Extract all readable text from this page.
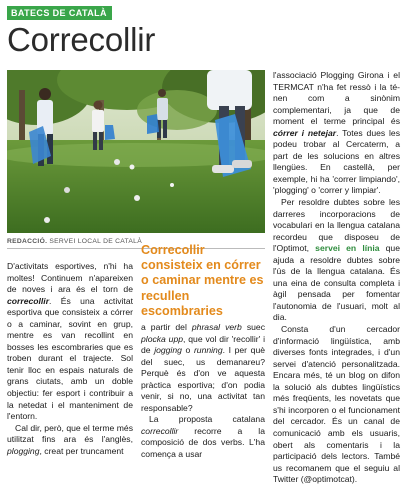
BATECS DE CATALÀ
Correcollir
REDACCIÓ. SERVEI LOCAL DE CATALÀ
Correcollir consisteix en córrer o caminar mentre es recullen escombraries

D'activitats esportives, n'hi ha moltes! Continuem n'apareixen de noves i ara és el torn de correcollir. És una activitat esportiva que consisteix a córrer o a caminar, sovint en grup, mentre es van recollint en bosses les escombraries que es troben durant el trajecte. Sol tenir lloc en espais naturals de grans ciutats, amb un doble objectiu: fer esport i contribuir a la netedat i el manteniment de l'entorn.

Cal dir, però, que el terme més utilitzat fins ara és l'anglès, plogging, creat per truncament

a partir del phrasal verb suec plocka upp, que vol dir 'recollir' i de jogging o running. I per què del suec, us demanareu? Perquè és d'on ve aquesta pràctica esportiva; d'on podia venir, si no, una activitat tan responsable?

La proposta catalana correcollir recorre a la composició de dos verbs. L'ha comença a usar

l'associació Plogging Girona i el TERMCAT n'ha fet ressò i la té-nen com a sinònim complementari, ja que de moment el terme principal és córrer i netejar. Totes dues les podeu trobar al Cercaterm, a part de les solucions en altres llengües. En castellà, per exemple, hi ha 'correr limpiando', 'plogging' o 'correr y limpiar'.

Per resoldre dubtes sobre les darreres incorporacions de vocabulari en la llengua catalana recordeu que disposeu de l'Optimot, servei en línia que ajuda a resoldre dubtes sobre l'ús de la llengua catalana. És una eina de consulta completa i àgil pensada per fomentar l'autonomia de l'usuari, molt al dia.

Consta d'un cercador d'informació lingüística, amb diverses fonts integrades, i d'un servei d'atenció personalitzada. Encara més, té un blog on difon la solució als dubtes lingüístics més freqüents, les novetats que s'hi incorporen o el funcionament del cercador. És un canal de comunicació amb els usuaris, obert als comentaris i la participació dels lectors. També us recomanem que el seguiu al Twitter (@optimotcat).
